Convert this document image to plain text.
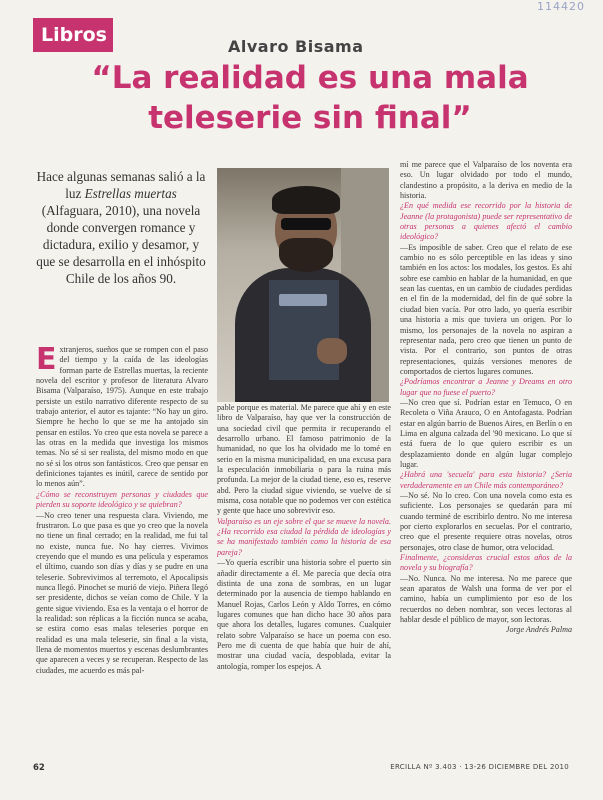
114420
Libros
Alvaro Bisama
“La realidad es una mala teleserie sin final”
Hace algunas semanas salió a la luz Estrellas muertas (Alfaguara, 2010), una novela donde convergen romance y dictadura, exilio y desamor, y que se desarrolla en el inhóspito Chile de los años 90.

Extranjeros, sueños que se rompen con el paso del tiempo y la caída de las ideologías forman parte de Estrellas muertas, la reciente novela del escritor y profesor de literatura Alvaro Bisama (Valparaíso, 1975). Aunque en este trabajo persiste un estilo narrativo diferente respecto de su trabajo anterior, el autor es tajante: “No hay un giro. Siempre he hecho lo que se me ha antojado sin pensar en estilos. Yo creo que esta novela se parece a las otras en la medida que investiga los mismos temas. No sé si ser realista, del mismo modo en que no sé si los otros son fantásticos. Creo que pensar en definiciones tajantes es inútil, carece de sentido por lo menos aún”.

¿Cómo se reconstruyen personas y ciudades que pierden su soporte ideológico y se quiebran?

—No creo tener una respuesta clara. Viviendo, me frustraron. Lo que pasa es que yo creo que la novela no tiene un final cerrado; en la realidad, me fui tal no existe, nunca fue. No hay cierres. Vivimos creyendo que el mundo es una película y esperamos el último, cuando son días y días y se pudre en una teleserie. Sobrevivimos al terremoto, el Apocalipsis nunca llegó. Pinochet se murió de viejo. Piñera llegó ser presidente, dichos se veían como de Chile. Y la gente sigue viviendo. Esa es la ventaja o el horror de la realidad: son réplicas a la ficción nunca se acaba, se estira como esas malas teleseries porque en realidad es una mala teleserie, sin final a la vista, llena de momentos muertos y escenas deslumbrantes que aparecen a veces y se recuperan. Respecto de las ciudades, me acuerdo es más pal-

pable porque es material. Me parece que ahí y en este libro de Valparaíso, hay que ver la construcción de una sociedad civil que permita ir recuperando el desarrollo urbano. El famoso patrimonio de la humanidad, no que los ha olvidado me lo tomé en serio en la misma municipalidad, en una excusa para la especulación inmobiliaria o para la ruina más profunda. La mejor de la ciudad tiene, eso es, reserve abd. Pero la ciudad sigue viviendo, se vuelve de sí misma, cosa notable que no podemos ver con estética y gente que hace uno sobrevivir eso.

Valparaíso es un eje sobre el que se mueve la novela. ¿Ha recorrido esa ciudad la pérdida de ideologías y se ha manifestado también como la historia de esa pareja?

—Yo quería escribir una historia sobre el puerto sin añadir directamente a él. Me parecía que decía otra distinta de una zona de sombras, en un lugar determinado por la ausencia de tiempo hablando en Manuel Rojas, Carlos León y Aldo Torres, en cómo lugares comunes que han dicho hace 30 años para que ahora los detalles, lugares comunes. Cualquier relato sobre Valparaíso se hace un poema con eso. Pero me di cuenta de que había que huir de ahí, mostrar una ciudad vacía, despoblada, evitar la antología, romper los espejos. A

mí me parece que el Valparaíso de los noventa era eso. Un lugar olvidado por todo el mundo, clandestino a propósito, a la deriva en medio de la historia.

¿En qué medida ese recorrido por la historia de Jeanne (la protagonista) puede ser representativo de otras personas a quienes afectó el cambio ideológico?

—Es imposible de saber. Creo que el relato de ese cambio no es sólo perceptible en las ideas y sino también en los actos: los modales, los gestos. Es ahí sobre ese cambio en hablar de la humanidad, en que sean las cuentas, en un cambio de ciudades perdidas en el fin de la modernidad, del fin de qué sobre la ciudad bien vacía. Por otro lado, yo quería escribir una historia a mis que tuviera un origen. Por lo mismo, los personajes de la novela no aspiran a representar nada, pero creo que tienen un punto de vista. Por el contrario, son puntos de otras representaciones, quizás versiones menores de comportados de ciertos lugares comunes.

¿Podríamos encontrar a Jeanne y Dreams en otro lugar que no fuese el puerto?

—No creo que sí. Podrían estar en Temuco, O en Recoleta o Viña Arauco, O en Antofagasta. Podrían estar en algún barrio de Buenos Aires, en Berlín o en Lima en alguna calzada del '90 mexicano. Lo que sí está fuera de lo que quiero escribir es un desplazamiento donde en algún lugar complejo lugar.

¿Habrá una 'secuela' para esta historia? ¿Seria verdaderamente en un Chile más contemporáneo?

—No sé. No lo creo. Con una novela como esta es suficiente. Los personajes se quedarán para mí cuando terminé de escribirlo dentro. No me interesa por cierto explorarlos en secuelas. Por el contrario, creo que el presente requiere otras novelas, otros personajes, otro clase de humor, otra velocidad.

Finalmente, ¿consideras crucial estos años de la novela y su biografía?

—No. Nunca. No me interesa. No me parece que sean aparatos de Walsh una forma de ver por el camino, había un cumplimiento por eso de los recuerdos no deben nombrar, son veces lectoras al hablar desde el público de mayor, son lectoras.

Jorge Andrés Palma

62	ERCILLA Nº 3.403 · 13-26 DICIEMBRE DEL 2010
